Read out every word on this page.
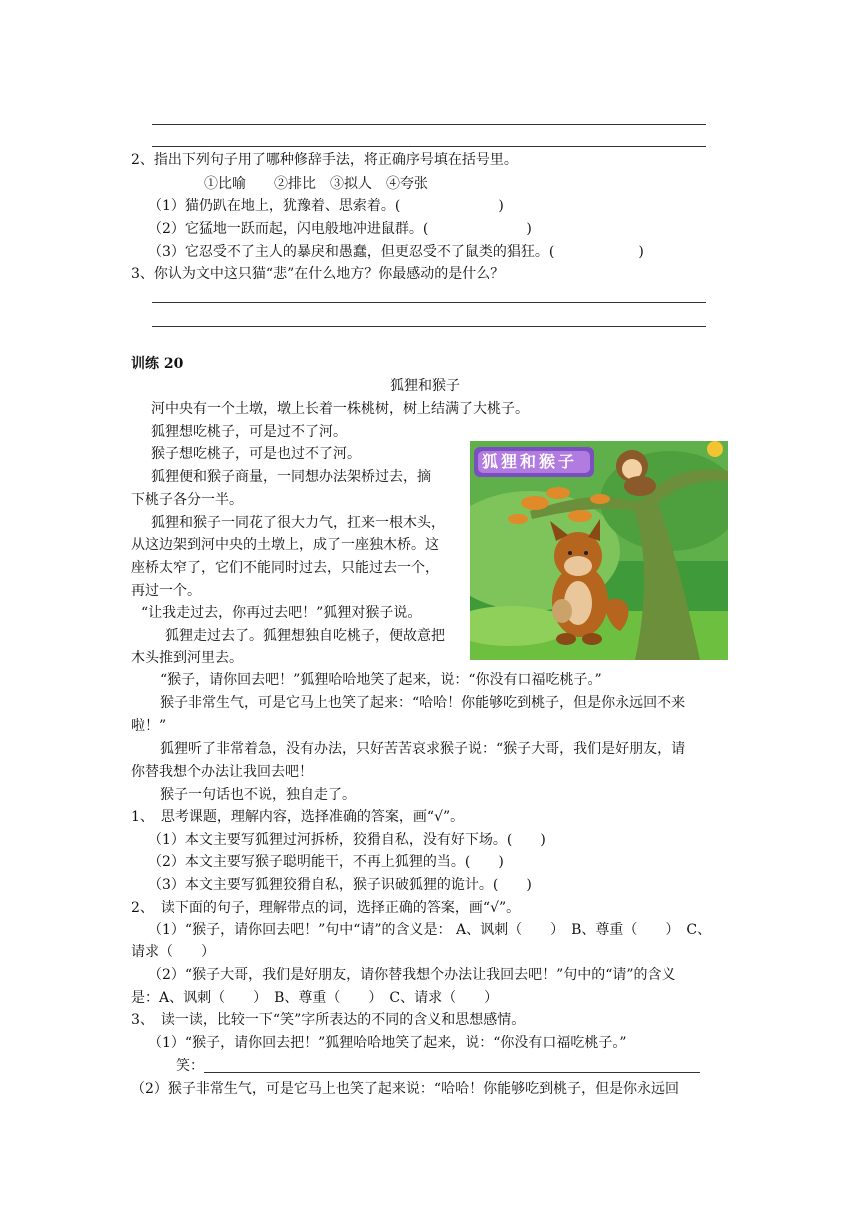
2、指出下列句子用了哪种修辞手法，将正确序号填在括号里。
①比喻　　②排比　③拟人　④夸张
（1）猫仍趴在地上，犹豫着、思索着。(　　　　　　　)
（2）它猛地一跃而起，闪电般地冲进鼠群。(　　　　　　　)
（3）它忍受不了主人的暴戾和愚蠢，但更忍受不了鼠类的猖狂。(　　　　　　)
3、你认为文中这只猫“悲”在什么地方？你最感动的是什么？
训练 20
狐狸和猴子
河中央有一个土墩，墩上长着一株桃树，树上结满了大桃子。
狐狸想吃桃子，可是过不了河。
猴子想吃桃子，可是也过不了河。
狐狸便和猴子商量，一同想办法架桥过去，摘
下桃子各分一半。
狐狸和猴子一同花了很大力气，扛来一根木头，
从这边架到河中央的土墩上，成了一座独木桥。这
座桥太窄了，它们不能同时过去，只能过去一个，
再过一个。
“让我走过去，你再过去吧！”狐狸对猴子说。
狐狸走过去了。狐狸想独自吃桃子，便故意把
木头推到河里去。
“猴子，请你回去吧！”狐狸哈哈地笑了起来，说：“你没有口福吃桃子。”
猴子非常生气，可是它马上也笑了起来：“哈哈！你能够吃到桃子，但是你永远回不来
啦！”
狐狸听了非常着急，没有办法，只好苦苦哀求猴子说：“猴子大哥，我们是好朋友，请
你替我想个办法让我回去吧！
猴子一句话也不说，独自走了。
1、　思考课题，理解内容，选择准确的答案，画“√”。
（1）本文主要写狐狸过河拆桥，狡猾自私，没有好下场。(　　)
（2）本文主要写猴子聪明能干，不再上狐狸的当。(　　)
（3）本文主要写狐狸狡猾自私，猴子识破狐狸的诡计。(　　)
2、　读下面的句子，理解带点的词，选择正确的答案，画“√”。
（1）“猴子，请你回去吧！”句中“请”的含义是： A、讽刺（　　）　B、尊重（　　）　C、
请求（　　）
（2）“猴子大哥，我们是好朋友，请你替我想个办法让我回去吧！”句中的“请”的含义
是：A、讽刺（　　）　B、尊重（　　）　C、请求（　　）
3、　读一读，比较一下“笑”字所表达的不同的含义和思想感情。
（1）“猴子，请你回去把！”狐狸哈哈地笑了起来，说：“你没有口福吃桃子。”
笑：
（2）猴子非常生气，可是它马上也笑了起来说：“哈哈！你能够吃到桃子，但是你永远回
狐狸和猴子
